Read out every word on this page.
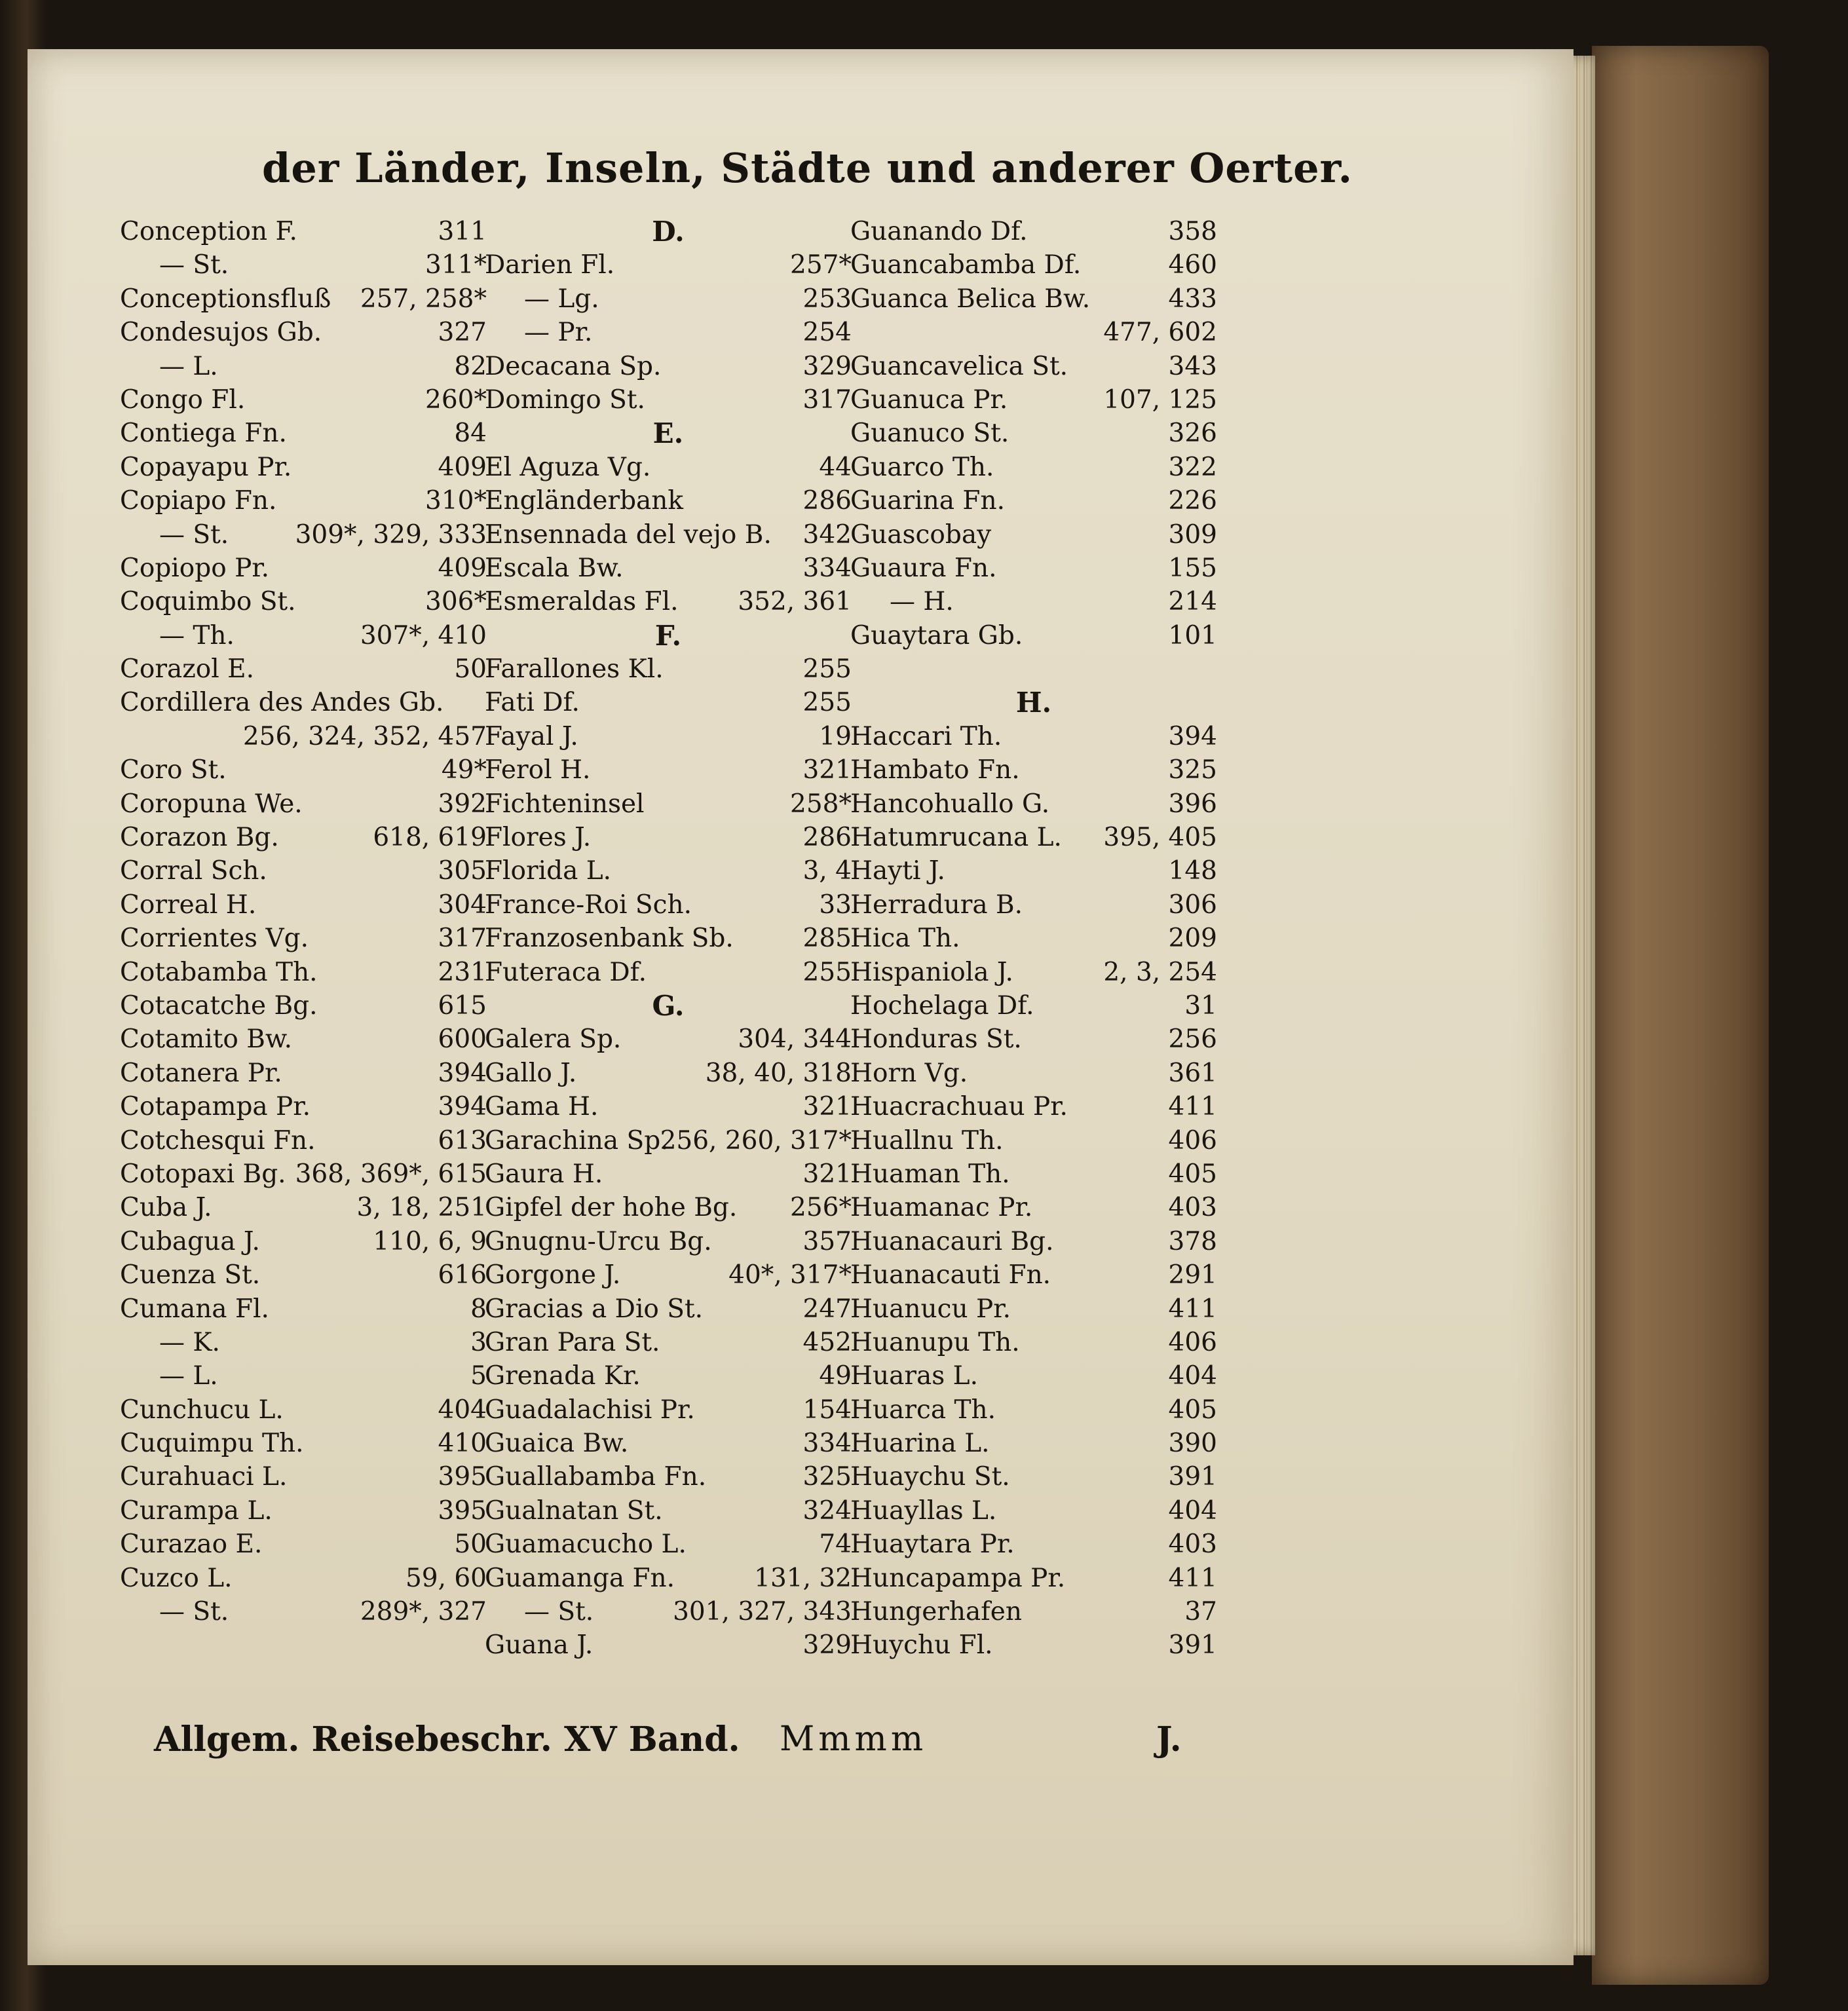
der Länder, Inseln, Städte und anderer Oerter.
Conception F.	311
— St.	311*
Conceptionsfluß 257, 258*
Condesujos Gb.	327
— L.	82
Congo Fl.	260*
Contiega Fn.	84
Copayapu Pr.	409
Copiapo Fn.	310*
— St.	309*, 329, 333
Copiopo Pr.	409
Coquimbo St.	306*
— Th.	307*, 410
Corazol E.	50
Cordillera des Andes Gb.
256, 324, 352, 457
Coro St.	49*
Coropuna We.	392
Corazon Bg.	618, 619
Corral Sch.	305
Correal H.	304
Corrientes Vg.	317
Cotabamba Th.	231
Cotacatche Bg.	615
Cotamito Bw.	600
Cotanera Pr.	394
Cotapampa Pr.	394
Cotchesqui Fn.	613
Cotopaxi Bg. 368, 369*, 615
Cuba J.	3, 18, 251
Cubagua J.	110, 6, 9
Cuenza St.	616
Cumana Fl.	8
— K.	3
— L.	5
Cunchucu L.	404
Cuquimpu Th.	410
Curahuaci L.	395
Curampa L.	395
Curazao E.	50
Cuzco L.	59, 60
— St.	289*, 327
D.
Darien Fl.	257*
— Lg.	253
— Pr.	254
Decacana Sp.	329
Domingo St.	317
E.
El Aguza Vg.	44
Engländerbank	286
Ensennada del vejo B. 342
Escala Bw.	334
Esmeraldas Fl. 352, 361
F.
Farallones Kl.	255
Fati Df.	255
Fayal J.	19
Ferol H.	321
Fichteninsel	258*
Flores J.	286
Florida L.	3, 4
France-Roi Sch.	33
Franzosenbank Sb.	285
Futeraca Df.	255
G.
Galera Sp.	304, 344
Gallo J.	38, 40, 318
Gama H.	321
Garachina Sp.
256, 260, 317*
Gaura H.	321
Gipfel der hohe Bg. 256*
Gnugnu-Urcu Bg.	357
Gorgone J.	40*, 317*
Gracias a Dio St.	247
Gran Para St.	452
Grenada Kr.	49
Guadalachisi Pr.	154
Guaica Bw.	334
Guallabamba Fn.	325
Gualnatan St.	324
Guamacucho L.	74
Guamanga Fn.	131, 32
— St.	301, 327, 343
Guana J.	329
Guanando Df.	358
Guancabamba Df.	460
Guanca Belica Bw.	433
477, 602
Guancavelica St.	343
Guanuca Pr.	107, 125
Guanuco St.	326
Guarco Th.	322
Guarina Fn.	226
Guascobay	309
Guaura Fn.	155
— H.	214
Guaytara Gb.	101
H.
Haccari Th.	394
Hambato Fn.	325
Hancohuallo G.	396
Hatumrucana L. 395, 405
Hayti J.	148
Herradura B.	306
Hica Th.	209
Hispaniola J.	2, 3, 254
Hochelaga Df.	31
Honduras St.	256
Horn Vg.	361
Huacrachuau Pr.	411
Huallnu Th.	406
Huaman Th.	405
Huamanac Pr.	403
Huanacauri Bg.	378
Huanacauti Fn.	291
Huanucu Pr.	411
Huanupu Th.	406
Huaras L.	404
Huarca Th.	405
Huarina L.	390
Huaychu St.	391
Huayllas L.	404
Huaytara Pr.	403
Huncapampa Pr.	411
Hungerhafen	37
Huychu Fl.	391
Allgem. Reisebeschr. XV Band. Mmmm	J.
